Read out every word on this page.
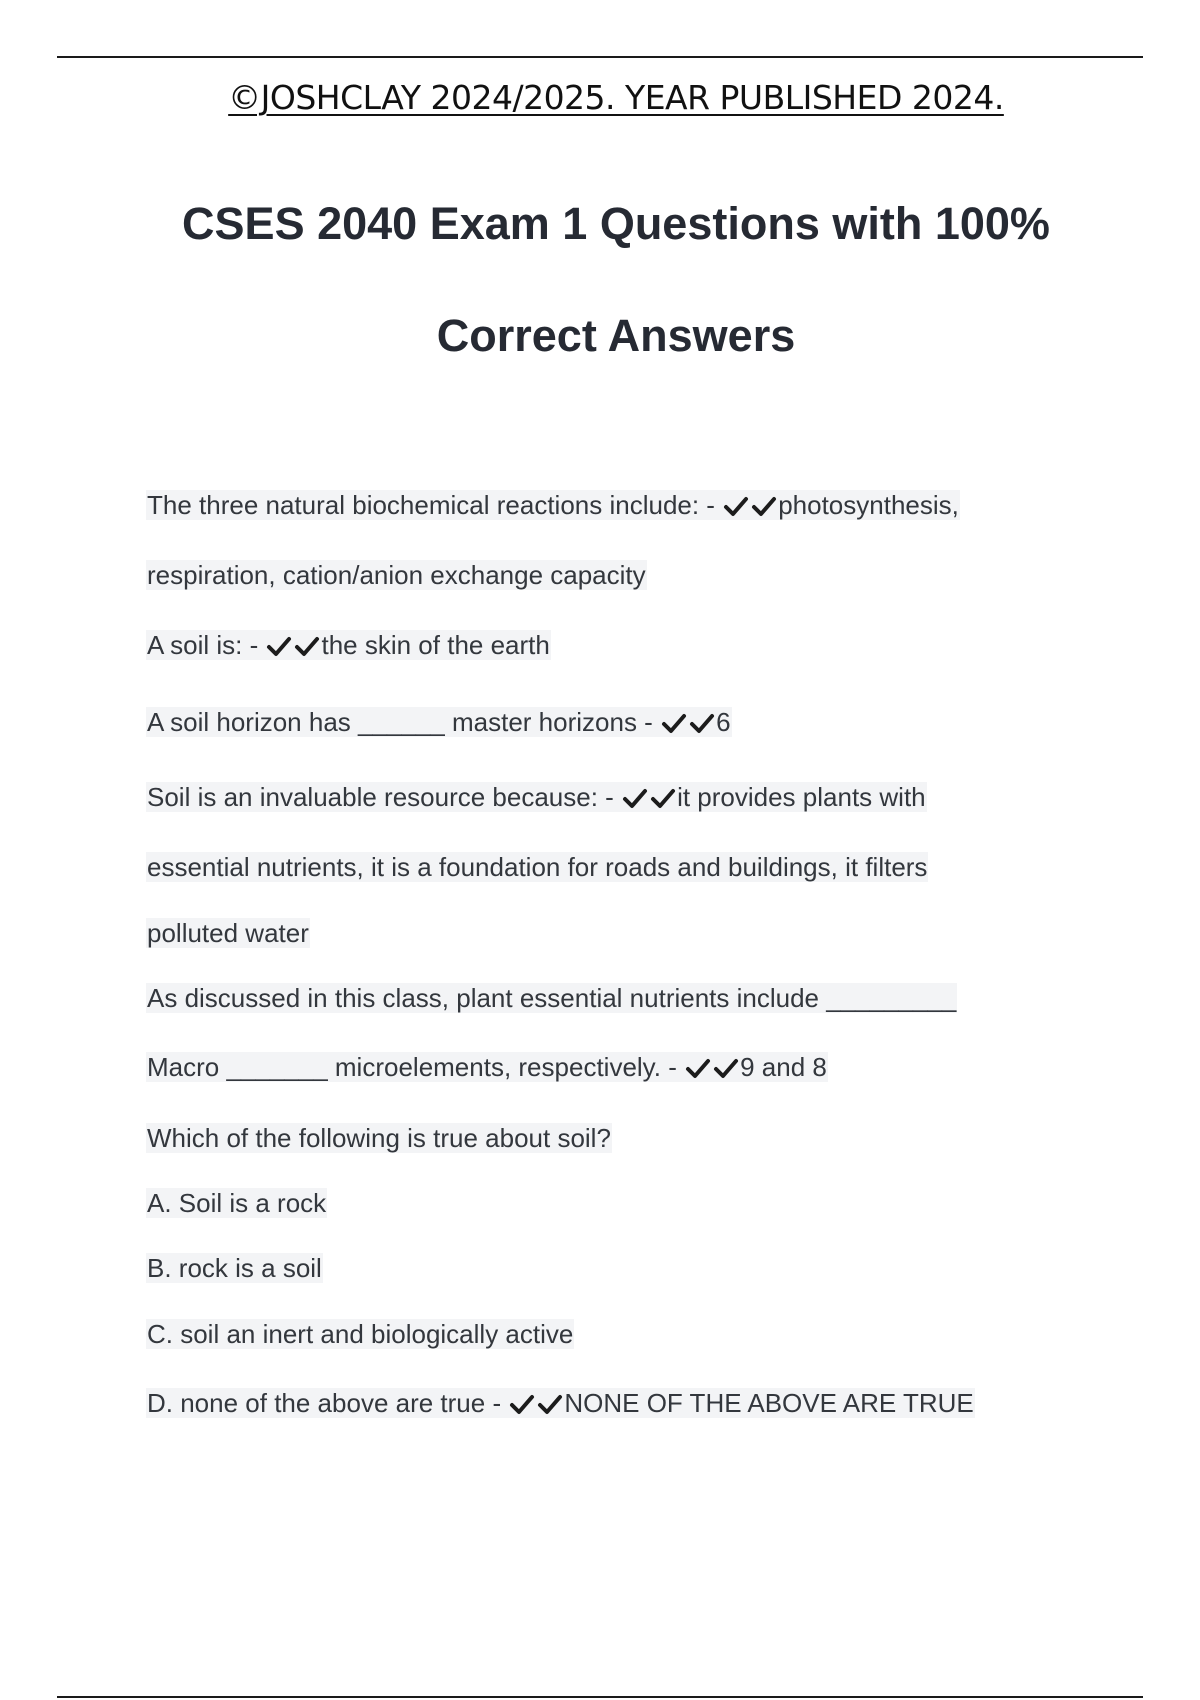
©JOSHCLAY 2024/2025. YEAR PUBLISHED 2024.
CSES 2040 Exam 1 Questions with 100%
Correct Answers
The three natural biochemical reactions include: - photosynthesis,
respiration, cation/anion exchange capacity
A soil is: - the skin of the earth
A soil horizon has ______ master horizons - 6
Soil is an invaluable resource because: - it provides plants with
essential nutrients, it is a foundation for roads and buildings, it filters
polluted water
As discussed in this class, plant essential nutrients include _________
Macro _______ microelements, respectively. - 9 and 8
Which of the following is true about soil?
A. Soil is a rock
B. rock is a soil
C. soil an inert and biologically active
D. none of the above are true - NONE OF THE ABOVE ARE TRUE
